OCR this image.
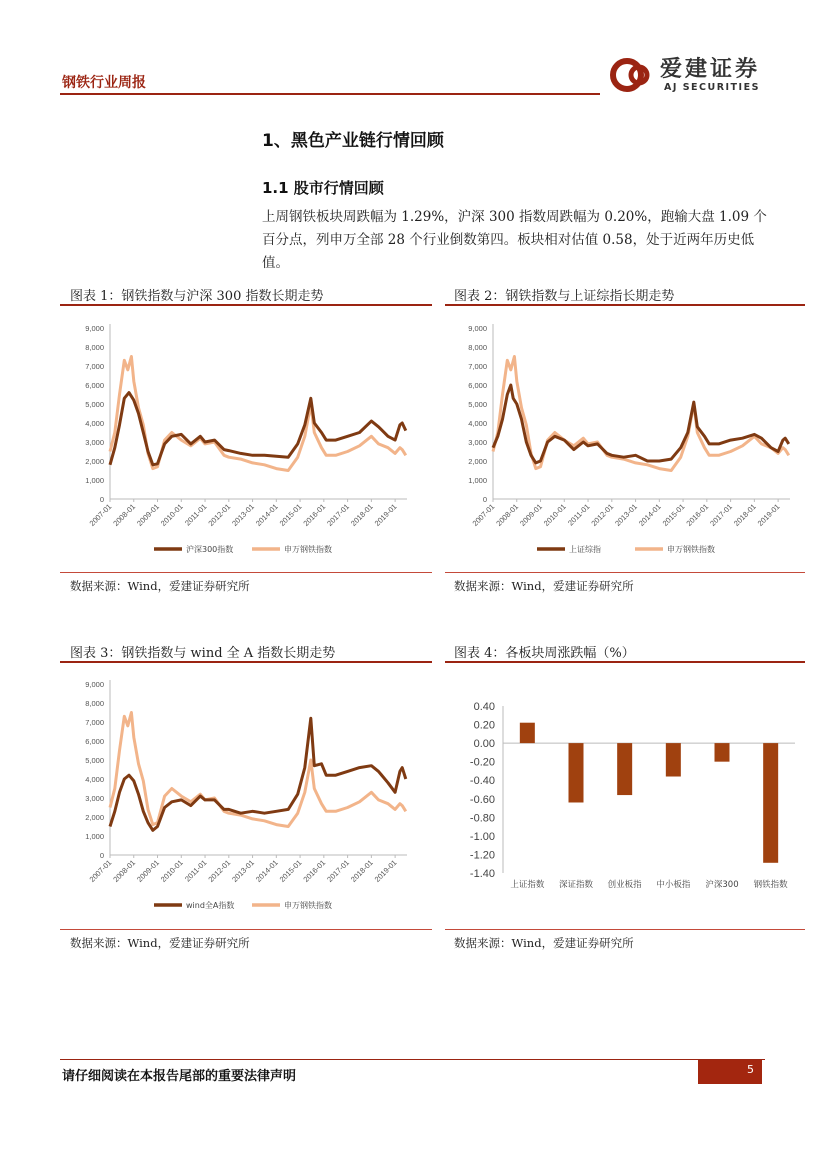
钢铁行业周报
爱建证券
AJ SECURITIES
1、黑色产业链行情回顾
1.1 股市行情回顾
上周钢铁板块周跌幅为 1.29%，沪深 300 指数周跌幅为 0.20%，跑输大盘 1.09 个百分点，列申万全部 28 个行业倒数第四。板块相对估值 0.58，处于近两年历史低值。
图表 1：钢铁指数与沪深 300 指数长期走势
0
1,000
2,000
3,000
4,000
5,000
6,000
7,000
8,000
9,000
2007-01
2008-01
2009-01
2010-01
2011-01
2012-01
2013-01
2014-01
2015-01
2016-01
2017-01
2018-01
2019-01
沪深300指数	申万钢铁指数
数据来源：Wind，爱建证券研究所
图表 2：钢铁指数与上证综指长期走势
0
1,000
2,000
3,000
4,000
5,000
6,000
7,000
8,000
9,000
2007-01
2008-01
2009-01
2010-01
2011-01
2012-01
2013-01
2014-01
2015-01
2016-01
2017-01
2018-01
2019-01
上证综指	申万钢铁指数
数据来源：Wind，爱建证券研究所
图表 3：钢铁指数与 wind 全 A 指数长期走势
0
1,000
2,000
3,000
4,000
5,000
6,000
7,000
8,000
9,000
2007-01
2008-01
2009-01
2010-01
2011-01
2012-01
2013-01
2014-01
2015-01
2016-01
2017-01
2018-01
2019-01
wind全A指数	申万钢铁指数
数据来源：Wind，爱建证券研究所
图表 4：各板块周涨跌幅（%）
0.40
0.20
0.00
-0.20
-0.40
-0.60
-0.80
-1.00
-1.20
-1.40
上证指数 深证指数 创业板指 中小板指 沪深300 钢铁指数
数据来源：Wind，爱建证券研究所
请仔细阅读在本报告尾部的重要法律声明	5
